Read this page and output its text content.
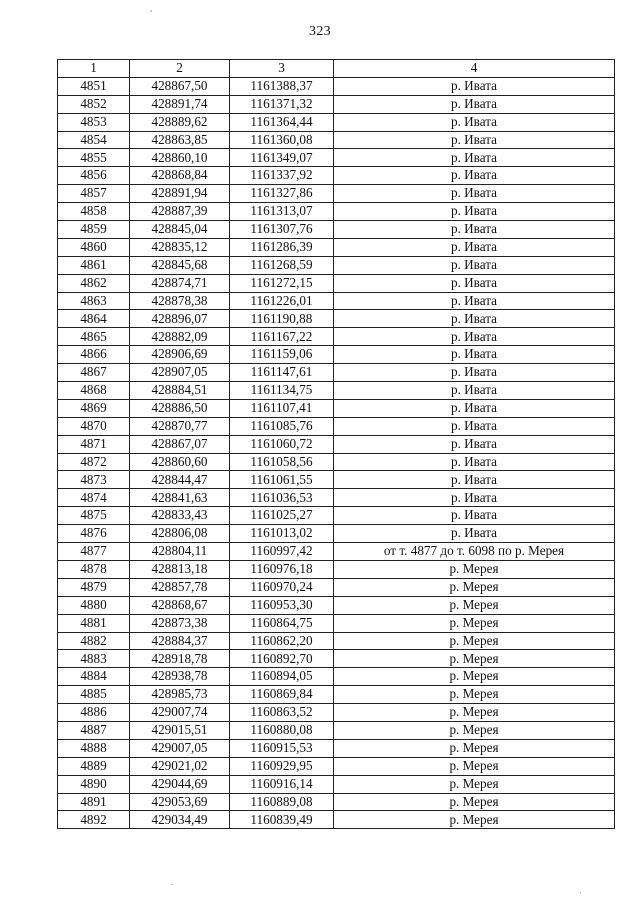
323
1	2	3	4
4851	428867,50	1161388,37	р. Ивата
4852	428891,74	1161371,32	р. Ивата
4853	428889,62	1161364,44	р. Ивата
4854	428863,85	1161360,08	р. Ивата
4855	428860,10	1161349,07	р. Ивата
4856	428868,84	1161337,92	р. Ивата
4857	428891,94	1161327,86	р. Ивата
4858	428887,39	1161313,07	р. Ивата
4859	428845,04	1161307,76	р. Ивата
4860	428835,12	1161286,39	р. Ивата
4861	428845,68	1161268,59	р. Ивата
4862	428874,71	1161272,15	р. Ивата
4863	428878,38	1161226,01	р. Ивата
4864	428896,07	1161190,88	р. Ивата
4865	428882,09	1161167,22	р. Ивата
4866	428906,69	1161159,06	р. Ивата
4867	428907,05	1161147,61	р. Ивата
4868	428884,51	1161134,75	р. Ивата
4869	428886,50	1161107,41	р. Ивата
4870	428870,77	1161085,76	р. Ивата
4871	428867,07	1161060,72	р. Ивата
4872	428860,60	1161058,56	р. Ивата
4873	428844,47	1161061,55	р. Ивата
4874	428841,63	1161036,53	р. Ивата
4875	428833,43	1161025,27	р. Ивата
4876	428806,08	1161013,02	р. Ивата
4877	428804,11	1160997,42	от т. 4877 до т. 6098 по р. Мерея
4878	428813,18	1160976,18	р. Мерея
4879	428857,78	1160970,24	р. Мерея
4880	428868,67	1160953,30	р. Мерея
4881	428873,38	1160864,75	р. Мерея
4882	428884,37	1160862,20	р. Мерея
4883	428918,78	1160892,70	р. Мерея
4884	428938,78	1160894,05	р. Мерея
4885	428985,73	1160869,84	р. Мерея
4886	429007,74	1160863,52	р. Мерея
4887	429015,51	1160880,08	р. Мерея
4888	429007,05	1160915,53	р. Мерея
4889	429021,02	1160929,95	р. Мерея
4890	429044,69	1160916,14	р. Мерея
4891	429053,69	1160889,08	р. Мерея
4892	429034,49	1160839,49	р. Мерея
